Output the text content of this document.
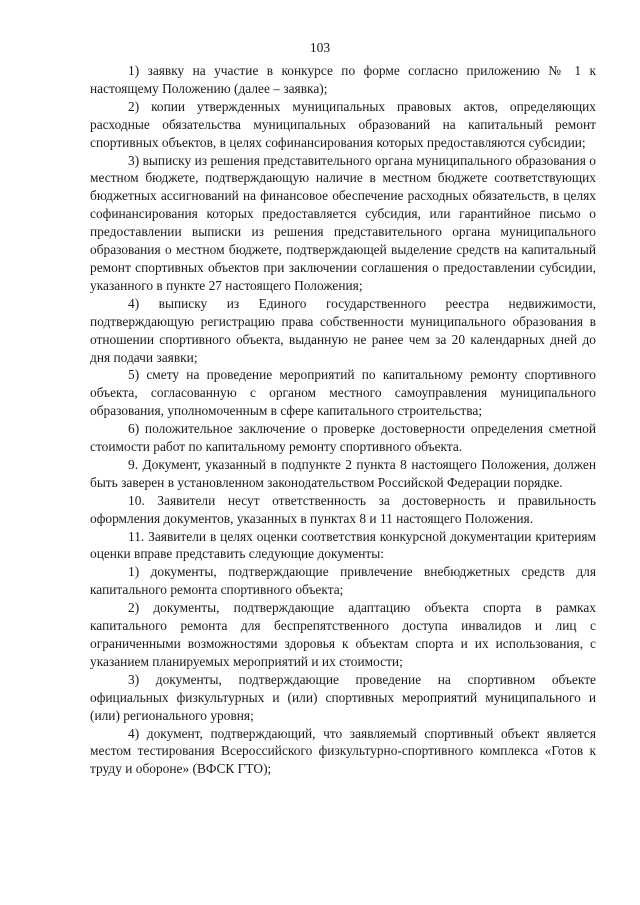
103

1) заявку на участие в конкурсе по форме согласно приложению № 1 к настоящему Положению (далее – заявка);

2) копии утвержденных муниципальных правовых актов, определяющих расходные обязательства муниципальных образований на капитальный ремонт спортивных объектов, в целях софинансирования которых предоставляются субсидии;

3) выписку из решения представительного органа муниципального образования о местном бюджете, подтверждающую наличие в местном бюджете соответствующих бюджетных ассигнований на финансовое обеспечение расходных обязательств, в целях софинансирования которых предоставляется субсидия, или гарантийное письмо о предоставлении выписки из решения представительного органа муниципального образования о местном бюджете, подтверждающей выделение средств на капитальный ремонт спортивных объектов при заключении соглашения о предоставлении субсидии, указанного в пункте 27 настоящего Положения;

4) выписку из Единого государственного реестра недвижимости, подтверждающую регистрацию права собственности муниципального образования в отношении спортивного объекта, выданную не ранее чем за 20 календарных дней до дня подачи заявки;

5) смету на проведение мероприятий по капитальному ремонту спортивного объекта, согласованную с органом местного самоуправления муниципального образования, уполномоченным в сфере капитального строительства;

6) положительное заключение о проверке достоверности определения сметной стоимости работ по капитальному ремонту спортивного объекта.

9. Документ, указанный в подпункте 2 пункта 8 настоящего Положения, должен быть заверен в установленном законодательством Российской Федерации порядке.

10. Заявители несут ответственность за достоверность и правильность оформления документов, указанных в пунктах 8 и 11 настоящего Положения.

11. Заявители в целях оценки соответствия конкурсной документации критериям оценки вправе представить следующие документы:

1) документы, подтверждающие привлечение внебюджетных средств для капитального ремонта спортивного объекта;

2) документы, подтверждающие адаптацию объекта спорта в рамках капитального ремонта для беспрепятственного доступа инвалидов и лиц с ограниченными возможностями здоровья к объектам спорта и их использования, с указанием планируемых мероприятий и их стоимости;

3) документы, подтверждающие проведение на спортивном объекте официальных физкультурных и (или) спортивных мероприятий муниципального и (или) регионального уровня;

4) документ, подтверждающий, что заявляемый спортивный объект является местом тестирования Всероссийского физкультурно-спортивного комплекса «Готов к труду и обороне» (ВФСК ГТО);
